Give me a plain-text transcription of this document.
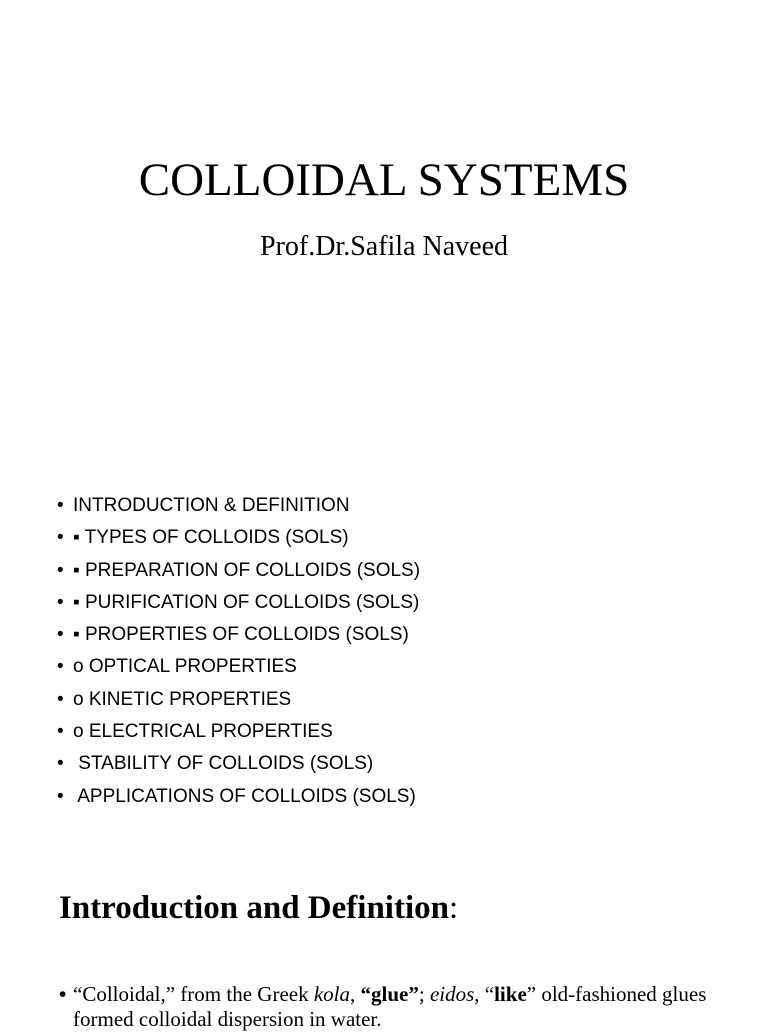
COLLOIDAL SYSTEMS
Prof.Dr.Safila Naveed
• INTRODUCTION & DEFINITION
• ▪ TYPES OF COLLOIDS (SOLS)
• ▪ PREPARATION OF COLLOIDS (SOLS)
• ▪ PURIFICATION OF COLLOIDS (SOLS)
• ▪ PROPERTIES OF COLLOIDS (SOLS)
• o OPTICAL PROPERTIES
• o KINETIC PROPERTIES
• o ELECTRICAL PROPERTIES
• STABILITY OF COLLOIDS (SOLS)
• APPLICATIONS OF COLLOIDS (SOLS)
Introduction and Definition:
• “Colloidal,” from the Greek kola, “glue”; eidos, “like” old-fashioned glues formed colloidal dispersion in water.
